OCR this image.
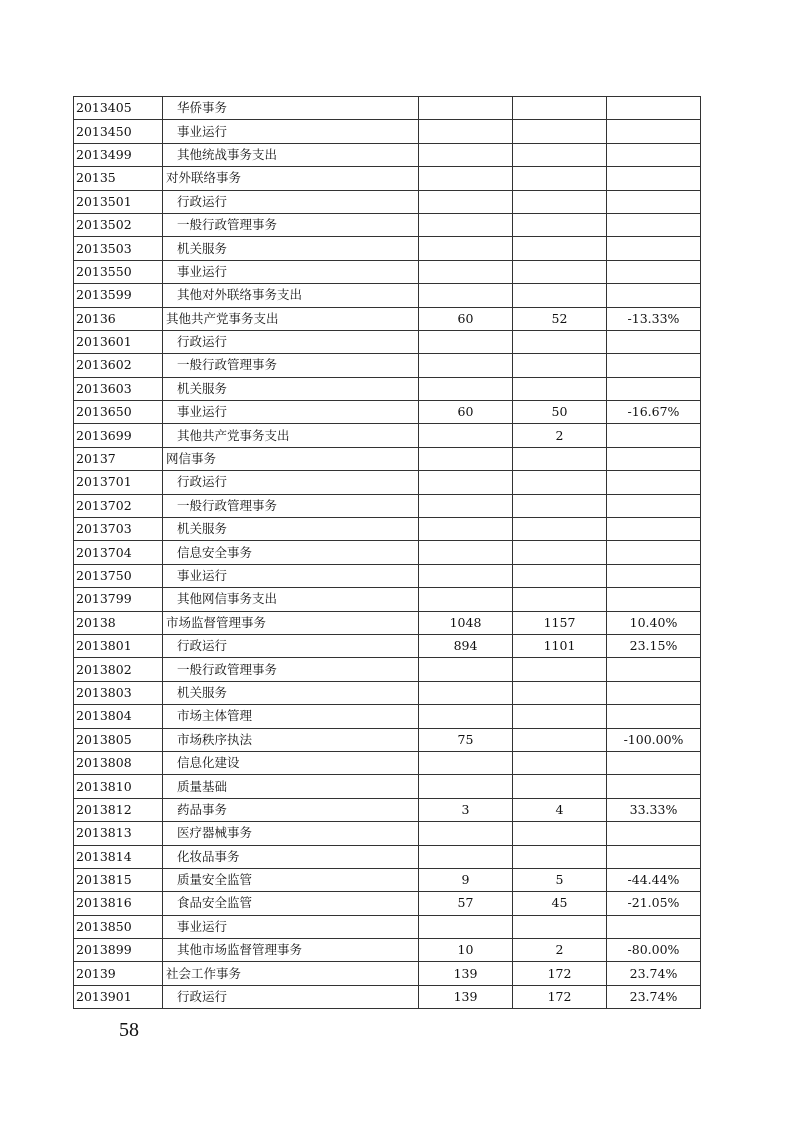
2013405	华侨事务			
2013450	事业运行			
2013499	其他统战事务支出			
20135	对外联络事务			
2013501	行政运行			
2013502	一般行政管理事务			
2013503	机关服务			
2013550	事业运行			
2013599	其他对外联络事务支出			
20136	其他共产党事务支出	60	52	-13.33%
2013601	行政运行			
2013602	一般行政管理事务			
2013603	机关服务			
2013650	事业运行	60	50	-16.67%
2013699	其他共产党事务支出		2	
20137	网信事务			
2013701	行政运行			
2013702	一般行政管理事务			
2013703	机关服务			
2013704	信息安全事务			
2013750	事业运行			
2013799	其他网信事务支出			
20138	市场监督管理事务	1048	1157	10.40%
2013801	行政运行	894	1101	23.15%
2013802	一般行政管理事务			
2013803	机关服务			
2013804	市场主体管理			
2013805	市场秩序执法	75		-100.00%
2013808	信息化建设			
2013810	质量基础			
2013812	药品事务	3	4	33.33%
2013813	医疗器械事务			
2013814	化妆品事务			
2013815	质量安全监管	9	5	-44.44%
2013816	食品安全监管	57	45	-21.05%
2013850	事业运行			
2013899	其他市场监督管理事务	10	2	-80.00%
20139	社会工作事务	139	172	23.74%
2013901	行政运行	139	172	23.74%
58
